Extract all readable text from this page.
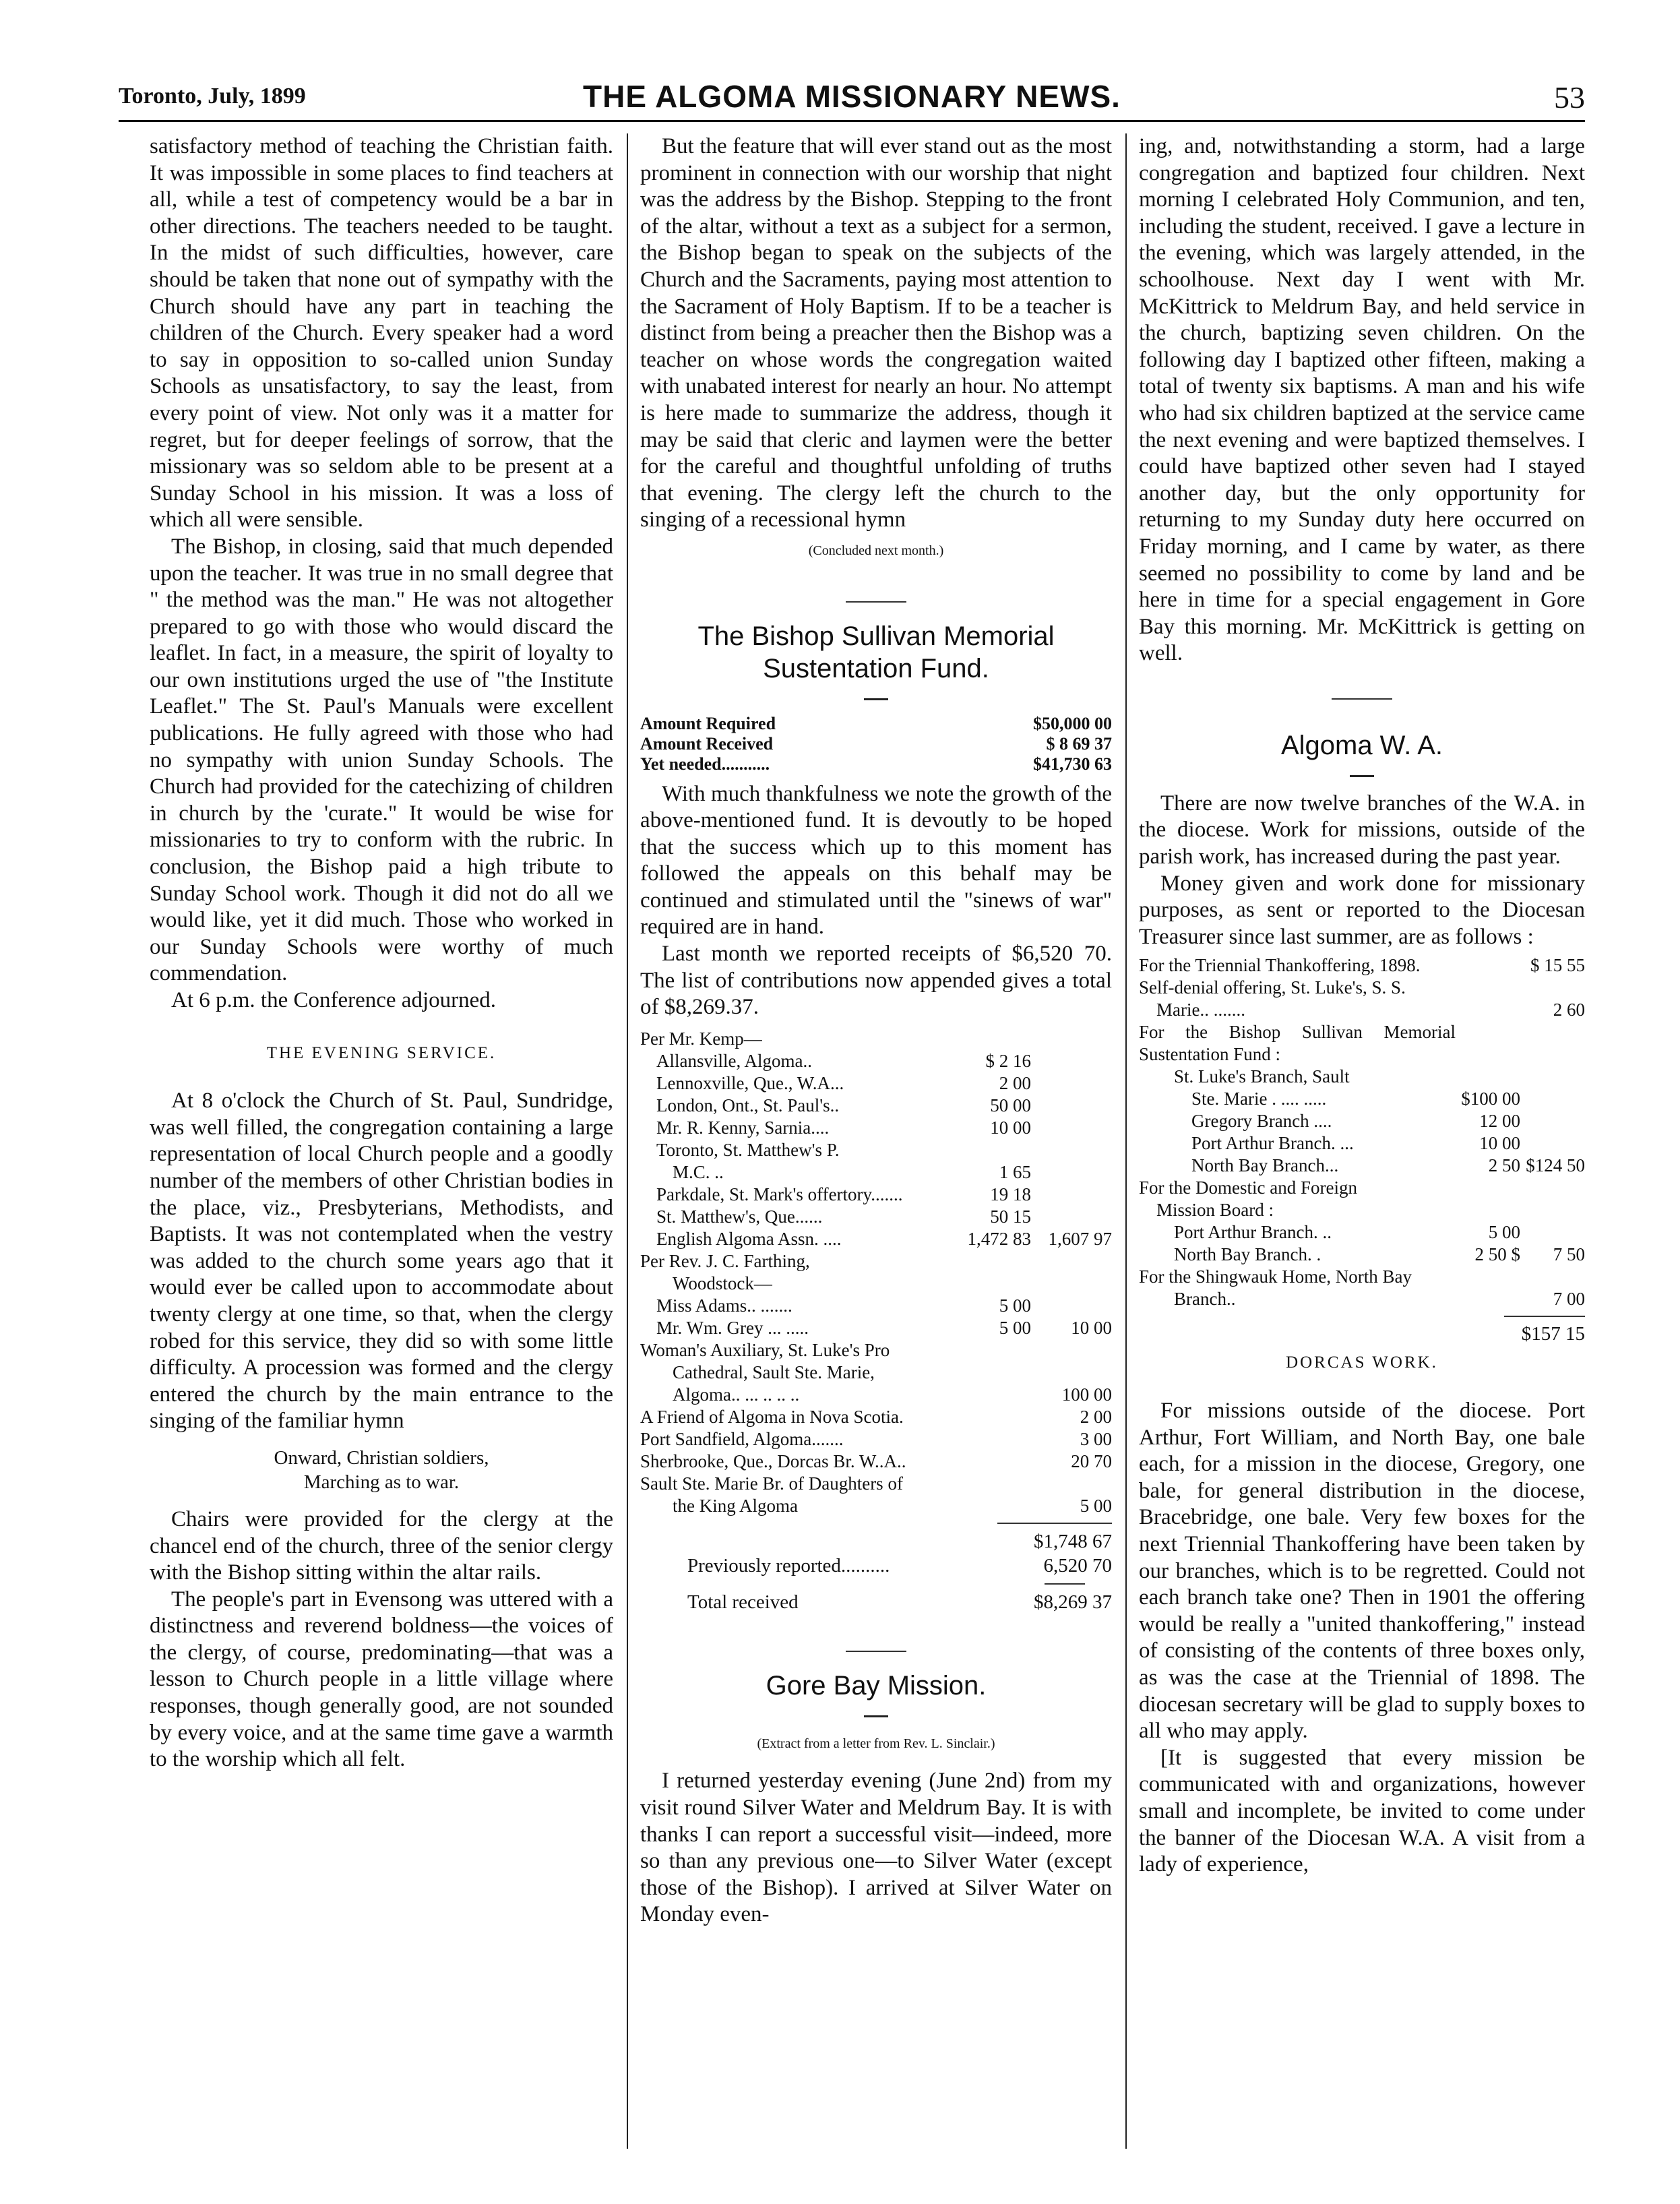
Toronto, July, 1899	THE ALGOMA MISSIONARY NEWS.	53

satisfactory method of teaching the Christian faith. It was impossible in some places to find teachers at all, while a test of competency would be a bar in other directions. The teachers needed to be taught. In the midst of such difficulties, however, care should be taken that none out of sympathy with the Church should have any part in teaching the children of the Church. Every speaker had a word to say in opposition to so-called union Sunday Schools as unsatisfactory, to say the least, from every point of view. Not only was it a matter for regret, but for deeper feelings of sorrow, that the missionary was so seldom able to be present at a Sunday School in his mission. It was a loss of which all were sensible.

The Bishop, in closing, said that much depended upon the teacher. It was true in no small degree that " the method was the man." He was not altogether prepared to go with those who would discard the leaflet. In fact, in a measure, the spirit of loyalty to our own institutions urged the use of "the Institute Leaflet." The St. Paul's Manuals were excellent publications. He fully agreed with those who had no sympathy with union Sunday Schools. The Church had provided for the catechizing of children in church by the 'curate." It would be wise for missionaries to try to conform with the rubric. In conclusion, the Bishop paid a high tribute to Sunday School work. Though it did not do all we would like, yet it did much. Those who worked in our Sunday Schools were worthy of much commendation.

At 6 p.m. the Conference adjourned.

THE EVENING SERVICE.

At 8 o'clock the Church of St. Paul, Sundridge, was well filled, the congregation containing a large representation of local Church people and a goodly number of the members of other Christian bodies in the place, viz., Presbyterians, Methodists, and Baptists. It was not contemplated when the vestry was added to the church some years ago that it would ever be called upon to accommodate about twenty clergy at one time, so that, when the clergy robed for this service, they did so with some little difficulty. A procession was formed and the clergy entered the church by the main entrance to the singing of the familiar hymn

Onward, Christian soldiers,
Marching as to war.

Chairs were provided for the clergy at the chancel end of the church, three of the senior clergy with the Bishop sitting within the altar rails.

The people's part in Evensong was uttered with a distinctness and reverend boldness—the voices of the clergy, of course, predominating—that was a lesson to Church people in a little village where responses, though generally good, are not sounded by every voice, and at the same time gave a warmth to the worship which all felt.

But the feature that will ever stand out as the most prominent in connection with our worship that night was the address by the Bishop. Stepping to the front of the altar, without a text as a subject for a sermon, the Bishop began to speak on the subjects of the Church and the Sacraments, paying most attention to the Sacrament of Holy Baptism. If to be a teacher is distinct from being a preacher then the Bishop was a teacher on whose words the congregation waited with unabated interest for nearly an hour. No attempt is here made to summarize the address, though it may be said that cleric and laymen were the better for the careful and thoughtful unfolding of truths that evening. The clergy left the church to the singing of a recessional hymn

(Concluded next month.)

The Bishop Sullivan Memorial Sustentation Fund.

Amount Required	$50,000 00
Amount Received	$ 8 69 37
Yet needed...........	$41,730 63

With much thankfulness we note the growth of the above-mentioned fund. It is devoutly to be hoped that the success which up to this moment has followed the appeals on this behalf may be continued and stimulated until the "sinews of war" required are in hand.

Last month we reported receipts of $6,520 70. The list of contributions now appended gives a total of $8,269.37.

Per Mr. Kemp—
Allansville, Algoma..	$ 2 16
Lennoxville, Que., W.A...	2 00
London, Ont., St. Paul's..	50 00
Mr. R. Kenny, Sarnia....	10 00
Toronto, St. Matthew's P.
M.C. ..	1 65
Parkdale, St. Mark's offertory.......	19 18
St. Matthew's, Que......	50 15
English Algoma Assn. ....	1,472 83 1,607 97
Per Rev. J. C. Farthing,
Woodstock—
Miss Adams.. .......	5 00
Mr. Wm. Grey ... .....	5 00	10 00
Woman's Auxiliary, St. Luke's Pro
Cathedral, Sault Ste. Marie,
Algoma.. ... .. .. ..	100 00
A Friend of Algoma in Nova Scotia.	2 00
Port Sandfield, Algoma.......	3 00
Sherbrooke, Que., Dorcas Br. W..A..	20 70
Sault Ste. Marie Br. of Daughters of
the King Algoma	5 00
$1,748 67
Previously reported..........	6,520 70
Total received	$8,269 37

Gore Bay Mission.

(Extract from a letter from Rev. L. Sinclair.)

I returned yesterday evening (June 2nd) from my visit round Silver Water and Meldrum Bay. It is with thanks I can report a successful visit—indeed, more so than any previous one—to Silver Water (except those of the Bishop). I arrived at Silver Water on Monday even-

ing, and, notwithstanding a storm, had a large congregation and baptized four children. Next morning I celebrated Holy Communion, and ten, including the student, received. I gave a lecture in the evening, which was largely attended, in the schoolhouse. Next day I went with Mr. McKittrick to Meldrum Bay, and held service in the church, baptizing seven children. On the following day I baptized other fifteen, making a total of twenty six baptisms. A man and his wife who had six children baptized at the service came the next evening and were baptized themselves. I could have baptized other seven had I stayed another day, but the only opportunity for returning to my Sunday duty here occurred on Friday morning, and I came by water, as there seemed no possibility to come by land and be here in time for a special engagement in Gore Bay this morning. Mr. McKittrick is getting on well.

Algoma W. A.

There are now twelve branches of the W.A. in the diocese. Work for missions, outside of the parish work, has increased during the past year.

Money given and work done for missionary purposes, as sent or reported to the Diocesan Treasurer since last summer, are as follows :

For the Triennial Thankoffering, 1898.	$ 15 55
Self-denial offering, St. Luke's, S. S.
Marie.. .......	2 60
For the Bishop Sullivan Memorial Sustentation Fund :
St. Luke's Branch, Sault
Ste. Marie . .... .....	$100 00
Gregory Branch ....	12 00
Port Arthur Branch. ...	10 00
North Bay Branch...	2 50 $124 50
For the Domestic and Foreign
Mission Board :
Port Arthur Branch. ..	5 00
North Bay Branch. .	2 50 $	7 50
For the Shingwauk Home, North Bay
Branch..	7 00
$157 15

DORCAS WORK.

For missions outside of the diocese. Port Arthur, Fort William, and North Bay, one bale each, for a mission in the diocese, Gregory, one bale, for general distribution in the diocese, Bracebridge, one bale. Very few boxes for the next Triennial Thankoffering have been taken by our branches, which is to be regretted. Could not each branch take one? Then in 1901 the offering would be really a "united thankoffering," instead of consisting of the contents of three boxes only, as was the case at the Triennial of 1898. The diocesan secretary will be glad to supply boxes to all who may apply.

[It is suggested that every mission be communicated with and organizations, however small and incomplete, be invited to come under the banner of the Diocesan W.A. A visit from a lady of experience,
